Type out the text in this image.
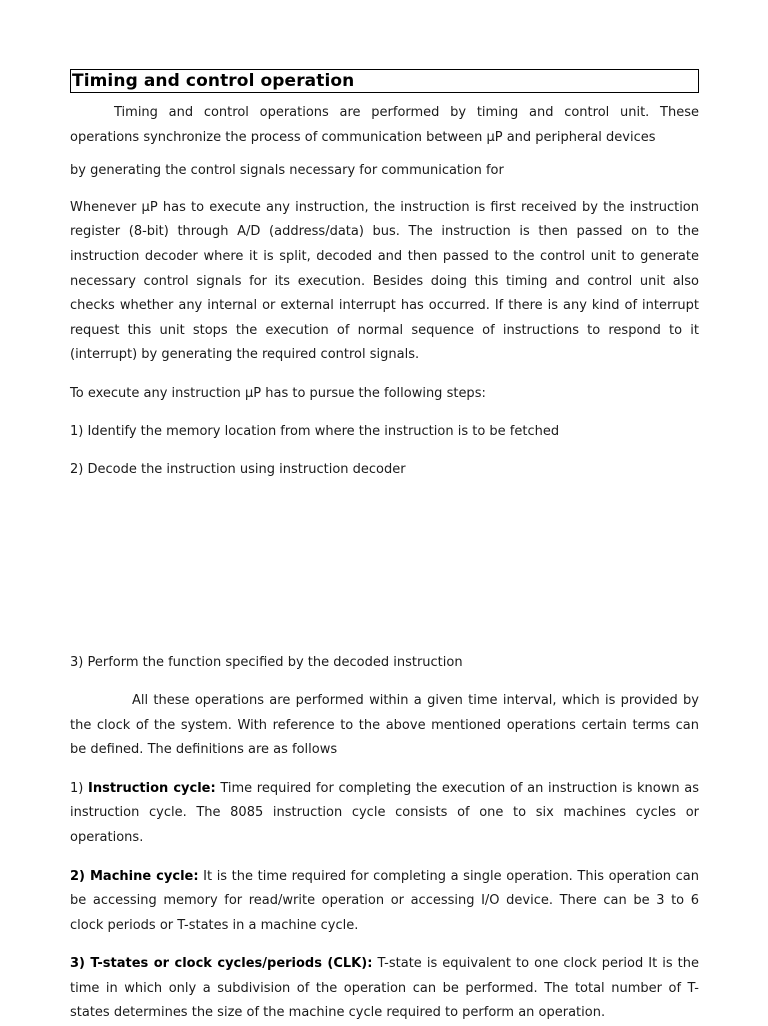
Timing and control operation

Timing and control operations are performed by timing and control unit. These operations synchronize the process of communication between μP and peripheral devices

by generating the control signals necessary for communication for

Whenever μP has to execute any instruction, the instruction is first received by the instruction register (8-bit) through A/D (address/data) bus. The instruction is then passed on to the instruction decoder where it is split, decoded and then passed to the control unit to generate necessary control signals for its execution. Besides doing this timing and control unit also checks whether any internal or external interrupt has occurred. If there is any kind of interrupt request this unit stops the execution of normal sequence of instructions to respond to it (interrupt) by generating the required control signals.

To execute any instruction μP has to pursue the following steps:

1) Identify the memory location from where the instruction is to be fetched

2) Decode the instruction using instruction decoder

3) Perform the function specified by the decoded instruction

All these operations are performed within a given time interval, which is provided by the clock of the system. With reference to the above mentioned operations certain terms can be defined. The definitions are as follows

1) Instruction cycle: Time required for completing the execution of an instruction is known as instruction cycle. The 8085 instruction cycle consists of one to six machines cycles or operations.

2) Machine cycle: It is the time required for completing a single operation. This operation can be accessing memory for read/write operation or accessing I/O device. There can be 3 to 6 clock periods or T-states in a machine cycle.

3) T-states or clock cycles/periods (CLK): T-state is equivalent to one clock period It is the time in which only a subdivision of the operation can be performed. The total number of T-states determines the size of the machine cycle required to perform an operation.
